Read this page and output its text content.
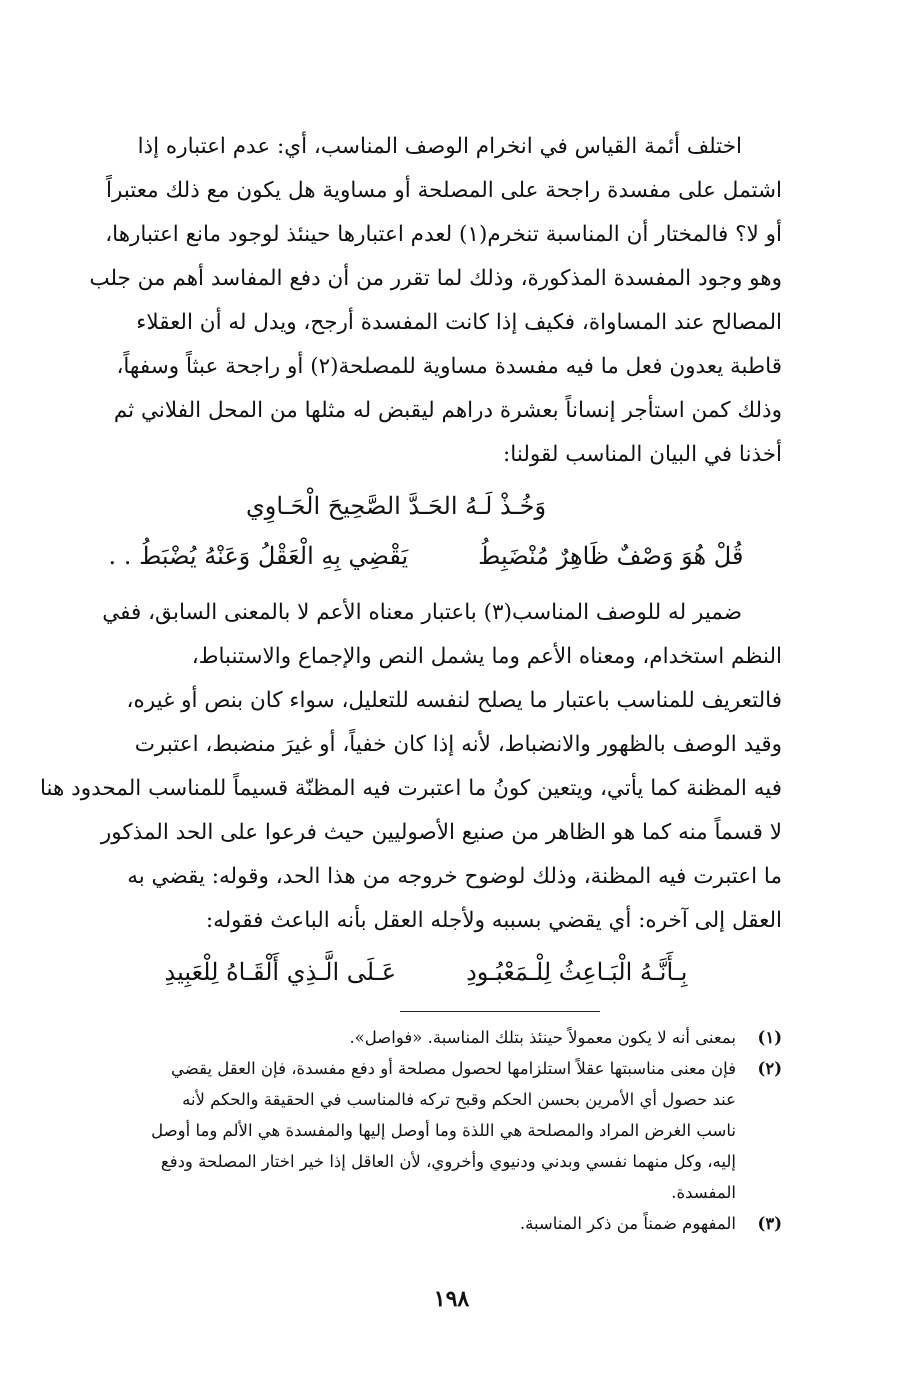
اختلف أئمة القياس في انخرام الوصف المناسب، أي: عدم اعتباره إذا
اشتمل على مفسدة راجحة على المصلحة أو مساوية هل يكون مع ذلك معتبراً
أو لا؟ فالمختار أن المناسبة تنخرم(١) لعدم اعتبارها حينئذ لوجود مانع اعتبارها،
وهو وجود المفسدة المذكورة، وذلك لما تقرر من أن دفع المفاسد أهم من جلب
المصالح عند المساواة، فكيف إذا كانت المفسدة أرجح، ويدل له أن العقلاء
قاطبة يعدون فعل ما فيه مفسدة مساوية للمصلحة(٢) أو راجحة عبثاً وسفهاً،
وذلك كمن استأجر إنساناً بعشرة دراهم ليقبض له مثلها من المحل الفلاني ثم
أخذنا في البيان المناسب لقولنا:
وَخُـذْ لَـهُ الحَـدَّ الصَّحِيحَ الْحَـاوِي
قُلْ هُوَ وَصْفٌ ظَاهِرٌ مُنْضَبِطُ
يَقْضِي بِهِ الْعَقْلُ وَعَنْهُ يُضْبَطُ . .
ضمير له للوصف المناسب(٣) باعتبار معناه الأعم لا بالمعنى السابق، ففي
النظم استخدام، ومعناه الأعم وما يشمل النص والإجماع والاستنباط،
فالتعريف للمناسب باعتبار ما يصلح لنفسه للتعليل، سواء كان بنص أو غيره،
وقيد الوصف بالظهور والانضباط، لأنه إذا كان خفياً، أو غيرَ منضبط، اعتبرت
فيه المظنة كما يأتي، ويتعين كونُ ما اعتبرت فيه المظنّة قسيماً للمناسب المحدود هنا
لا قسماً منه كما هو الظاهر من صنيع الأصوليين حيث فرعوا على الحد المذكور
ما اعتبرت فيه المظنة، وذلك لوضوح خروجه من هذا الحد، وقوله: يقضي به
العقل إلى آخره: أي يقضي بسببه ولأجله العقل بأنه الباعث فقوله:
بِـأَنَّـهُ الْبَـاعِثُ لِلْـمَعْبُـودِ
عَـلَى الَّـذِي أَلْقَـاهُ لِلْعَبِيدِ
(١)
بمعنى أنه لا يكون معمولاً حينئذ بتلك المناسبة. «فواصل».
(٢)
فإن معنى مناسبتها عقلاً استلزامها لحصول مصلحة أو دفع مفسدة، فإن العقل يقضي
عند حصول أي الأمرين بحسن الحكم وقبح تركه فالمناسب في الحقيقة والحكم لأنه
ناسب الغرض المراد والمصلحة هي اللذة وما أوصل إليها والمفسدة هي الألم وما أوصل
إليه، وكل منهما نفسي وبدني ودنيوي وأخروي، لأن العاقل إذا خير اختار المصلحة ودفع
المفسدة.
(٣)
المفهوم ضمناً من ذكر المناسبة.
١٩٨
